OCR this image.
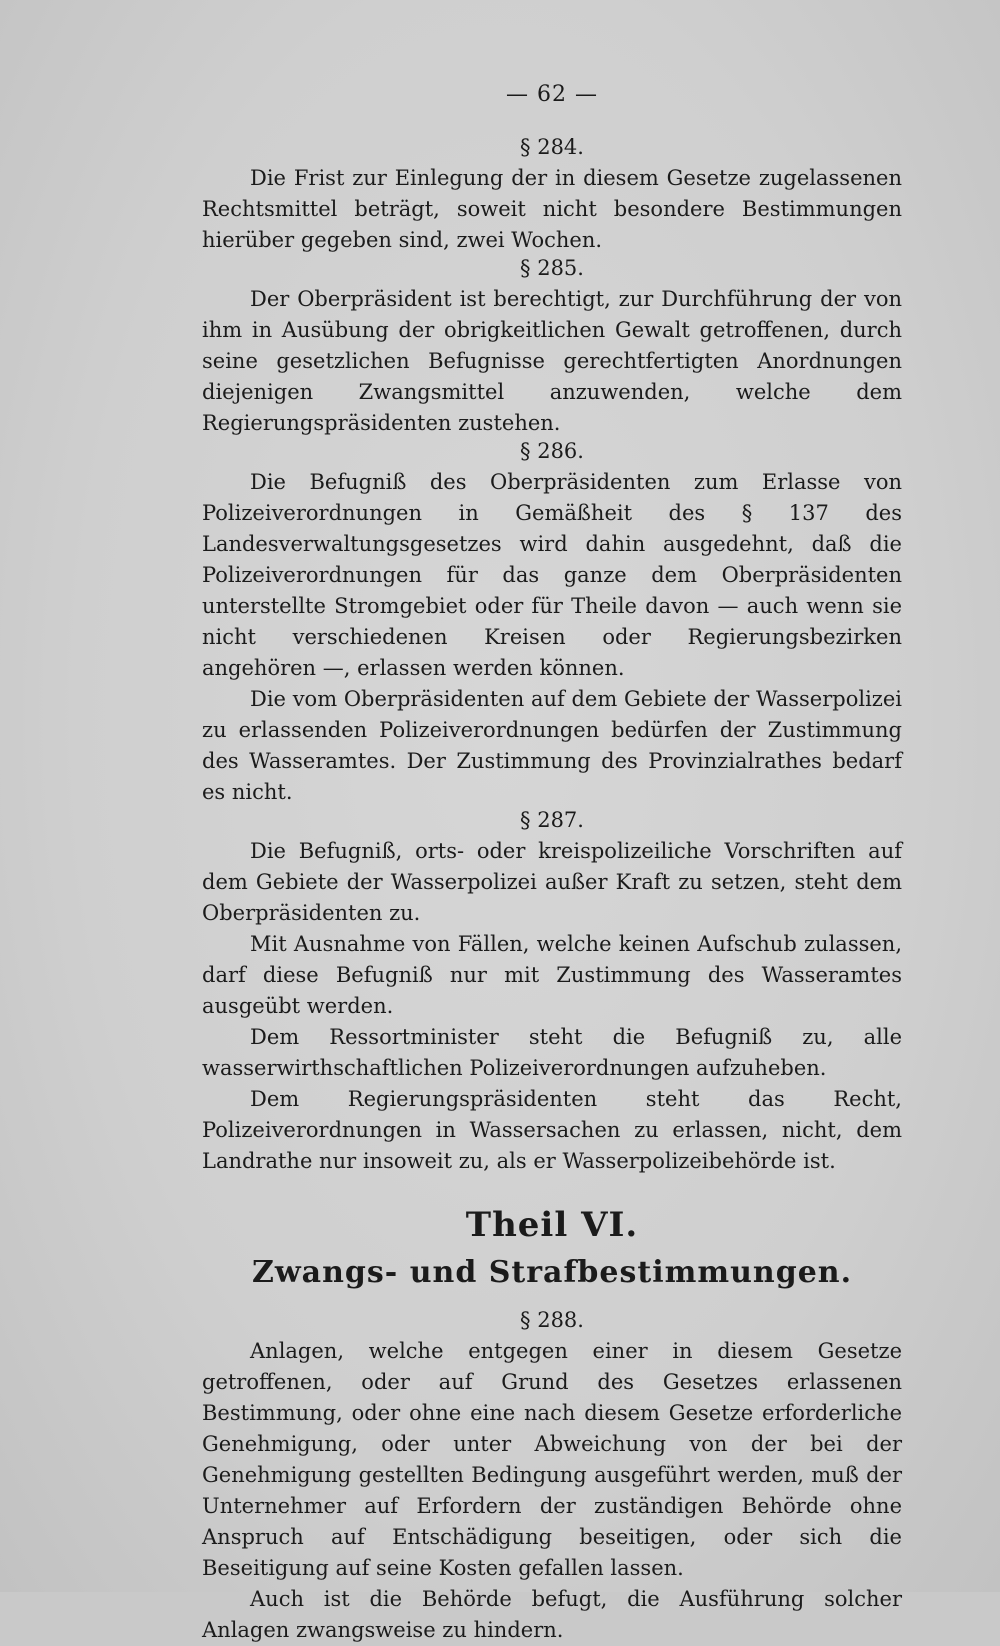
— 62 —
§ 284.

Die Frist zur Einlegung der in diesem Gesetze zugelassenen Rechtsmittel beträgt, soweit nicht besondere Bestimmungen hierüber gegeben sind, zwei Wochen.

§ 285.

Der Oberpräsident ist berechtigt, zur Durchführung der von ihm in Ausübung der obrigkeitlichen Gewalt getroffenen, durch seine gesetzlichen Befugnisse gerechtfertigten Anordnungen diejenigen Zwangsmittel anzuwenden, welche dem Regierungspräsidenten zustehen.

§ 286.

Die Befugniß des Oberpräsidenten zum Erlasse von Polizeiverordnungen in Gemäßheit des § 137 des Landesverwaltungsgesetzes wird dahin ausgedehnt, daß die Polizeiverordnungen für das ganze dem Oberpräsidenten unterstellte Stromgebiet oder für Theile davon — auch wenn sie nicht verschiedenen Kreisen oder Regierungsbezirken angehören —, erlassen werden können.

Die vom Oberpräsidenten auf dem Gebiete der Wasserpolizei zu erlassenden Polizeiverordnungen bedürfen der Zustimmung des Wasseramtes. Der Zustimmung des Provinzialrathes bedarf es nicht.

§ 287.

Die Befugniß, orts- oder kreispolizeiliche Vorschriften auf dem Gebiete der Wasserpolizei außer Kraft zu setzen, steht dem Oberpräsidenten zu.

Mit Ausnahme von Fällen, welche keinen Aufschub zulassen, darf diese Befugniß nur mit Zustimmung des Wasseramtes ausgeübt werden.

Dem Ressortminister steht die Befugniß zu, alle wasserwirthschaftlichen Polizeiverordnungen aufzuheben.

Dem Regierungspräsidenten steht das Recht, Polizeiverordnungen in Wassersachen zu erlassen, nicht, dem Landrathe nur insoweit zu, als er Wasserpolizeibehörde ist.

Theil VI.
Zwangs- und Strafbestimmungen.
§ 288.

Anlagen, welche entgegen einer in diesem Gesetze getroffenen, oder auf Grund des Gesetzes erlassenen Bestimmung, oder ohne eine nach diesem Gesetze erforderliche Genehmigung, oder unter Abweichung von der bei der Genehmigung gestellten Bedingung ausgeführt werden, muß der Unternehmer auf Erfordern der zuständigen Behörde ohne Anspruch auf Entschädigung beseitigen, oder sich die Beseitigung auf seine Kosten gefallen lassen.

Auch ist die Behörde befugt, die Ausführung solcher Anlagen zwangsweise zu hindern.
